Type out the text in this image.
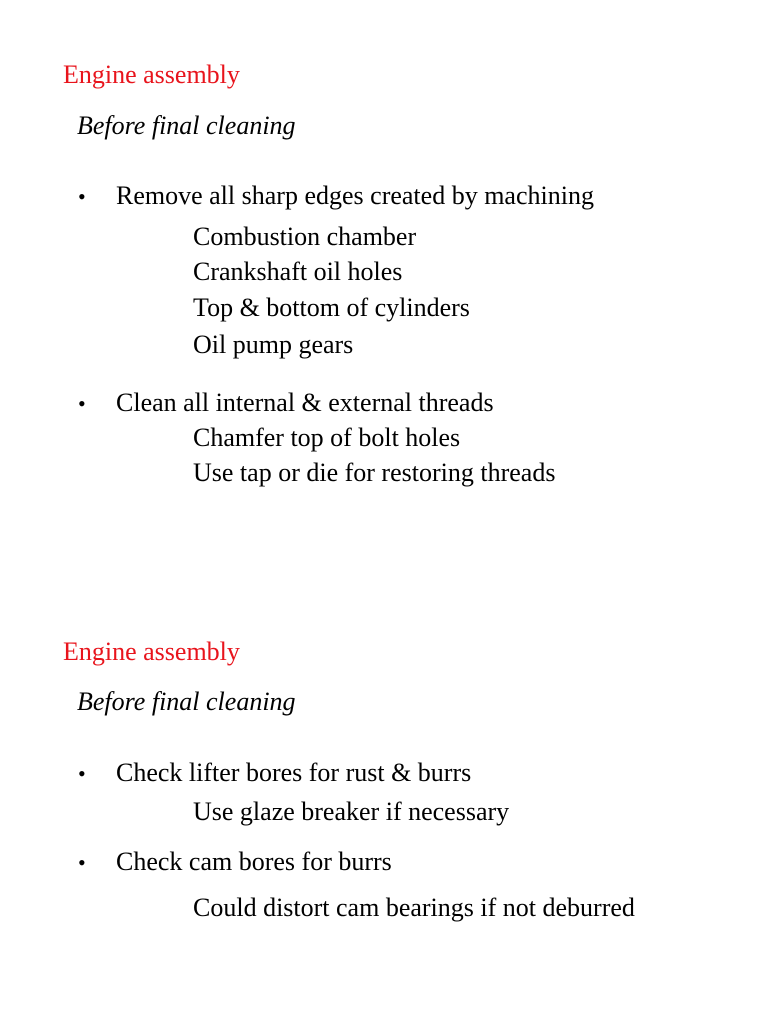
Engine assembly
Before final cleaning
• Remove all sharp edges created by machining
Combustion chamber
Crankshaft oil holes
Top & bottom of cylinders
Oil pump gears
• Clean all internal & external threads
Chamfer top of bolt holes
Use tap or die for restoring threads
Engine assembly
Before final cleaning
• Check lifter bores for rust & burrs
Use glaze breaker if necessary
• Check cam bores for burrs
Could distort cam bearings if not deburred
